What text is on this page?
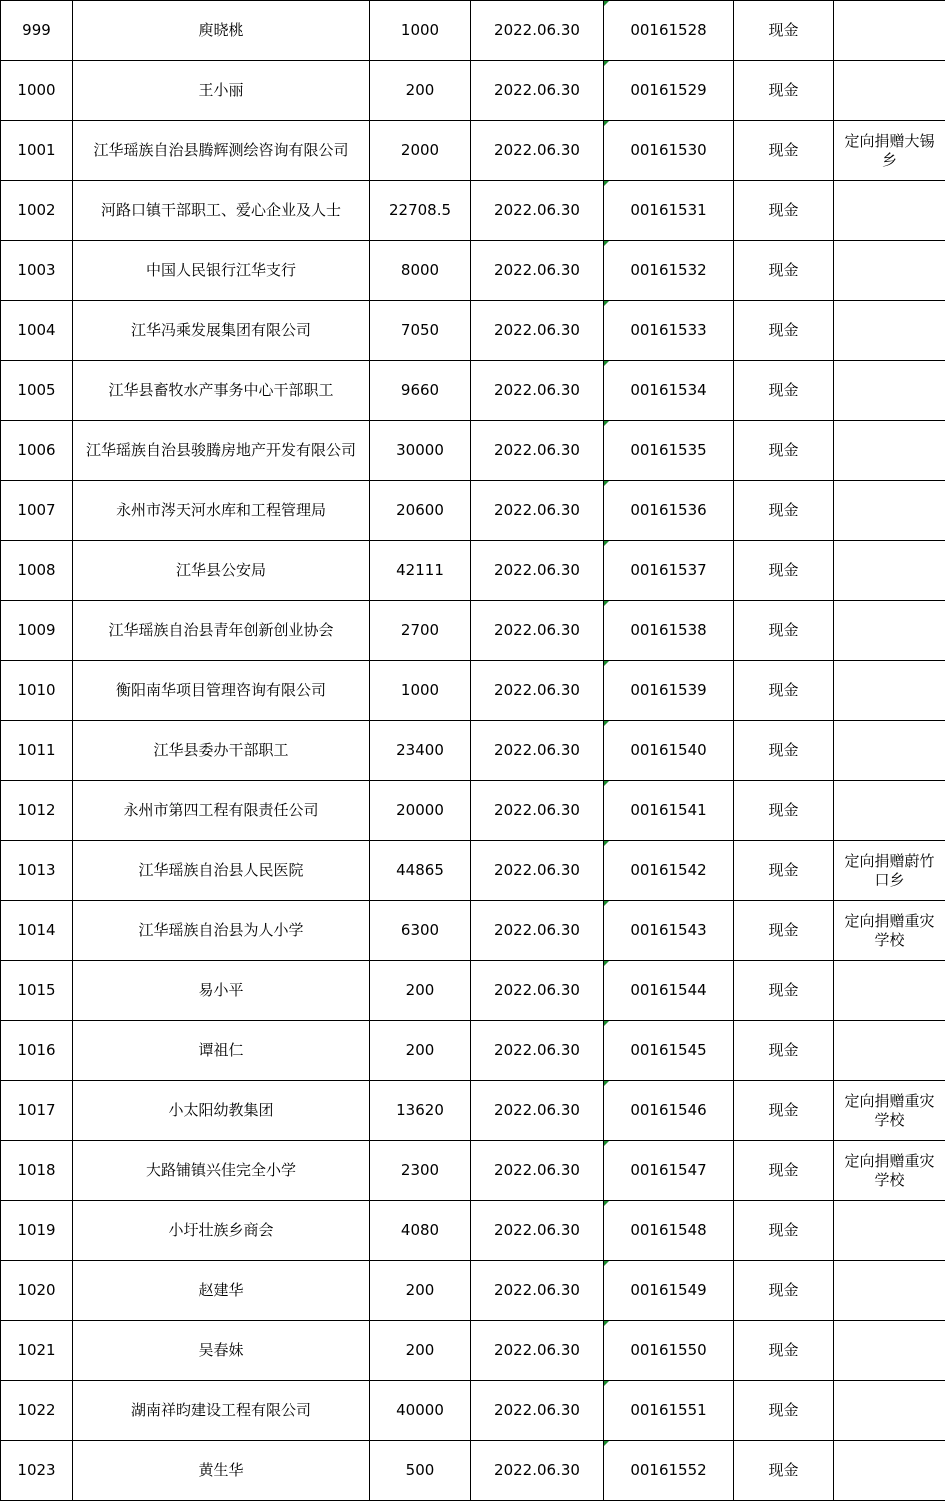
999	庾晓桃	1000	2022.06.30	00161528	现金	
1000	王小丽	200	2022.06.30	00161529	现金	
1001	江华瑶族自治县腾辉测绘咨询有限公司	2000	2022.06.30	00161530	现金	定向捐赠大锡乡
1002	河路口镇干部职工、爱心企业及人士	22708.5	2022.06.30	00161531	现金	
1003	中国人民银行江华支行	8000	2022.06.30	00161532	现金	
1004	江华冯乘发展集团有限公司	7050	2022.06.30	00161533	现金	
1005	江华县畜牧水产事务中心干部职工	9660	2022.06.30	00161534	现金	
1006	江华瑶族自治县骏腾房地产开发有限公司	30000	2022.06.30	00161535	现金	
1007	永州市涔天河水库和工程管理局	20600	2022.06.30	00161536	现金	
1008	江华县公安局	42111	2022.06.30	00161537	现金	
1009	江华瑶族自治县青年创新创业协会	2700	2022.06.30	00161538	现金	
1010	衡阳南华项目管理咨询有限公司	1000	2022.06.30	00161539	现金	
1011	江华县委办干部职工	23400	2022.06.30	00161540	现金	
1012	永州市第四工程有限责任公司	20000	2022.06.30	00161541	现金	
1013	江华瑶族自治县人民医院	44865	2022.06.30	00161542	现金	定向捐赠蔚竹口乡
1014	江华瑶族自治县为人小学	6300	2022.06.30	00161543	现金	定向捐赠重灾学校
1015	易小平	200	2022.06.30	00161544	现金	
1016	谭祖仁	200	2022.06.30	00161545	现金	
1017	小太阳幼教集团	13620	2022.06.30	00161546	现金	定向捐赠重灾学校
1018	大路铺镇兴佳完全小学	2300	2022.06.30	00161547	现金	定向捐赠重灾学校
1019	小圩壮族乡商会	4080	2022.06.30	00161548	现金	
1020	赵建华	200	2022.06.30	00161549	现金	
1021	吴春妹	200	2022.06.30	00161550	现金	
1022	湖南祥昀建设工程有限公司	40000	2022.06.30	00161551	现金	
1023	黄生华	500	2022.06.30	00161552	现金	
